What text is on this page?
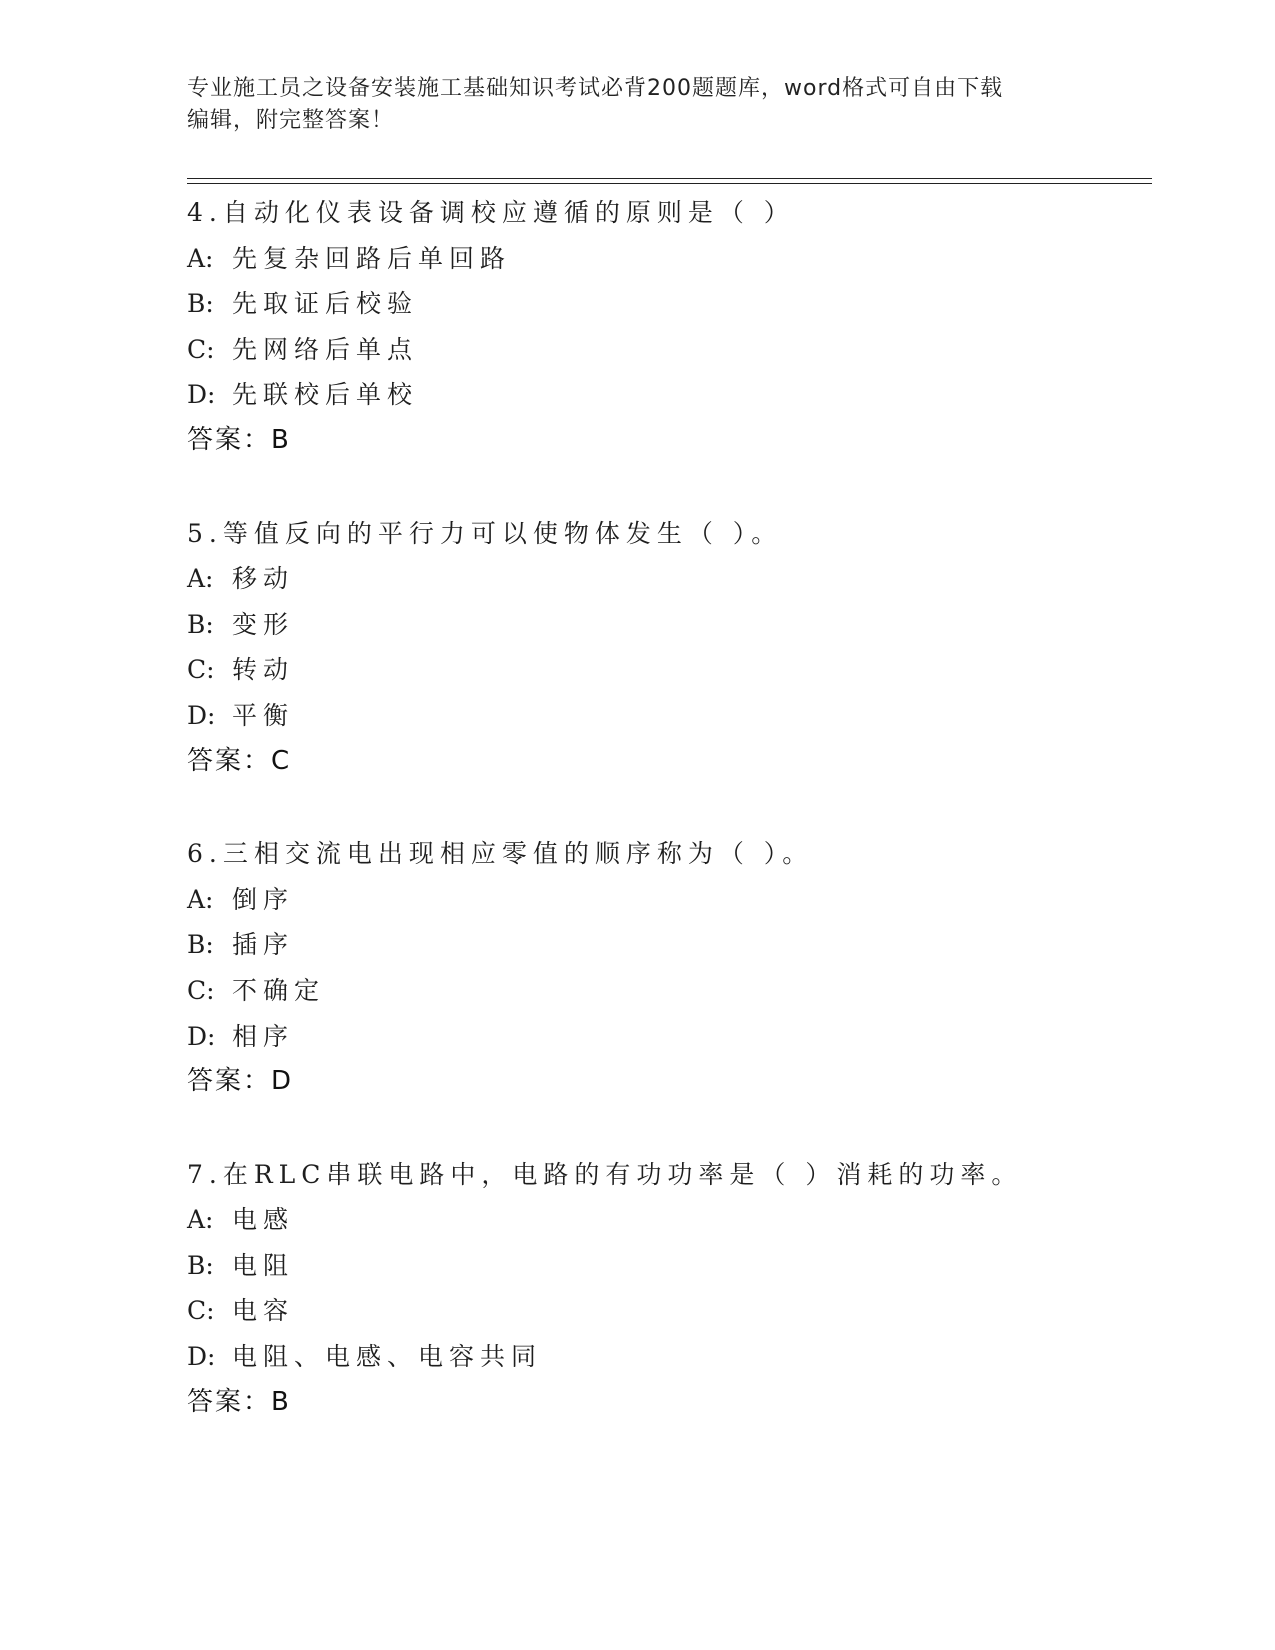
专业施工员之设备安装施工基础知识考试必背200题题库，word格式可自由下载
编辑，附完整答案！
4.自动化仪表设备调校应遵循的原则是（ ）
A: 先复杂回路后单回路
B: 先取证后校验
C: 先网络后单点
D: 先联校后单校
答案：B
5.等值反向的平行力可以使物体发生（ ）。
A: 移动
B: 变形
C: 转动
D: 平衡
答案：C
6.三相交流电出现相应零值的顺序称为（ ）。
A: 倒序
B: 插序
C: 不确定
D: 相序
答案：D
7.在RLC串联电路中，电路的有功功率是（ ）消耗的功率。
A: 电感
B: 电阻
C: 电容
D: 电阻、电感、电容共同
答案：B
